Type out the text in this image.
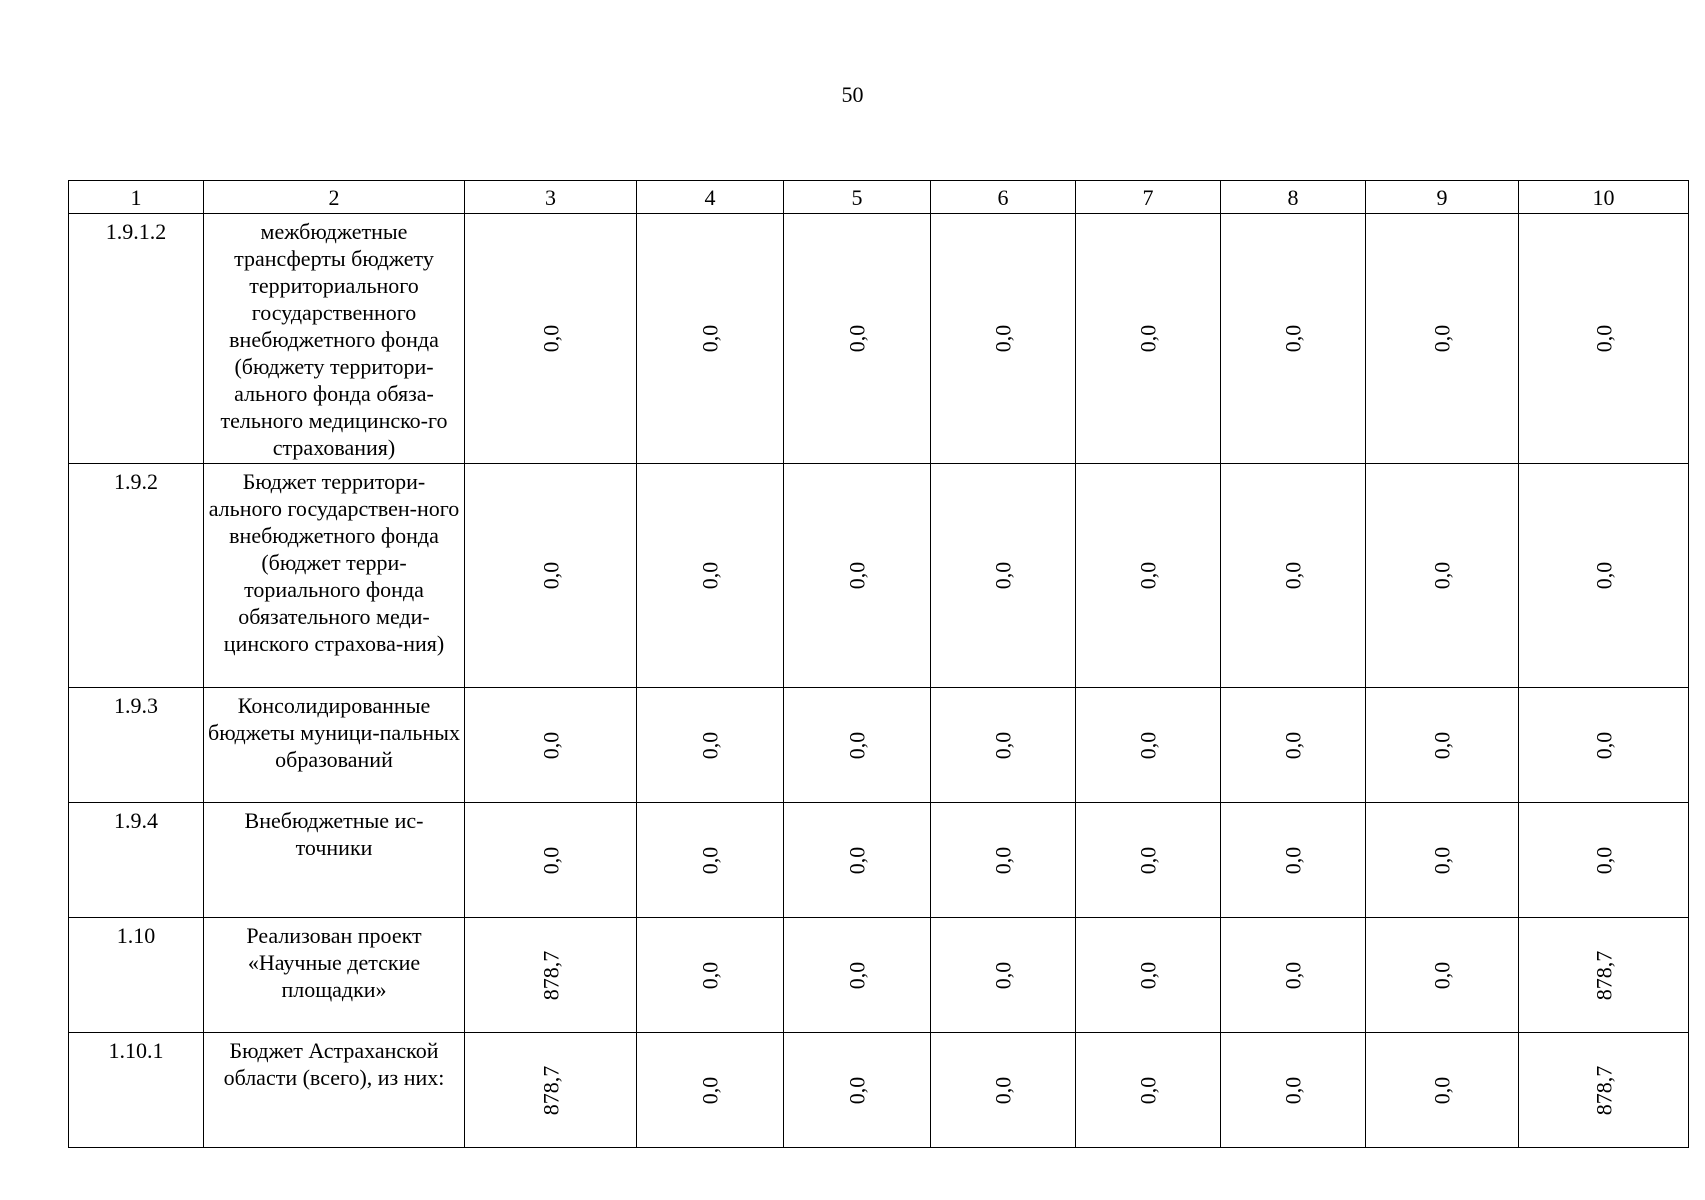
50
1	2	3	4	5	6	7	8	9	10
1.9.1.2	межбюджетные трансферты бюджету территориального государственного внебюджетного фонда (бюджету территори-ального фонда обяза-тельного медицинско-го страхования)	0,0	0,0	0,0	0,0	0,0	0,0	0,0	0,0
1.9.2	Бюджет территори-ального государствен-ного внебюджетного фонда (бюджет терри-ториального фонда обязательного меди-цинского страхова-ния)	0,0	0,0	0,0	0,0	0,0	0,0	0,0	0,0
1.9.3	Консолидированные бюджеты муници-пальных образований	0,0	0,0	0,0	0,0	0,0	0,0	0,0	0,0
1.9.4	Внебюджетные ис-точники	0,0	0,0	0,0	0,0	0,0	0,0	0,0	0,0
1.10	Реализован проект «Научные детские площадки»	878,7	0,0	0,0	0,0	0,0	0,0	0,0	878,7
1.10.1	Бюджет Астраханской области (всего), из них:	878,7	0,0	0,0	0,0	0,0	0,0	0,0	878,7
